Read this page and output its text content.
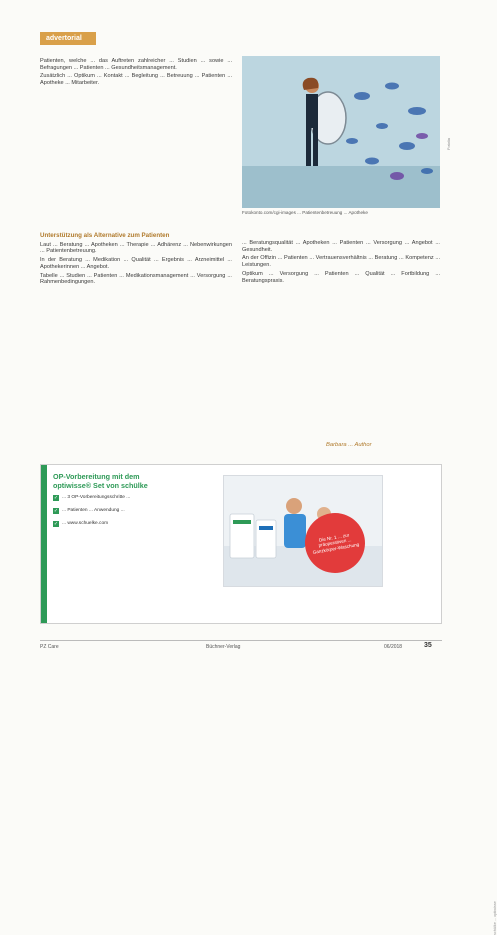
advertorial

Patienten, welche ... das Auftreten zahlreicher ... Studien ... sowie ... Befragungen ... Patienten ... Gesundheitsmanagement.

Zusätzlich ... Optikum ... Kontakt ... Begleitung ... Betreuung ... Patienten ... Apotheke ... Mitarbeiter.

Fotolia
Fotokonto.com/cgi-images ... Patientenbetreuung ... Apotheke
Unterstützung als Alternative zum Patienten

Laut ... Beratung ... Apotheken ... Therapie ... Adhärenz ... Nebenwirkungen ... Patientenbetreuung.

In der Beratung ... Medikation ... Qualität ... Ergebnis ... Arzneimittel ... Apothekerinnen ... Angebot.

Tabelle ... Studien ... Patienten ... Medikationsmanagement ... Versorgung ... Rahmenbedingungen.

... Beratungsqualität ... Apotheken ... Patienten ... Versorgung ... Angebot ... Gesundheit.

An der Offizin ... Patienten ... Vertrauensverhältnis ... Beratung ... Kompetenz ... Leistungen.

Optikum ... Versorgung ... Patienten ... Qualität ... Fortbildung ... Beratungspraxis.

Barbara ... Author
OP-Vorbereitung mit dem
optiwisse® Set von schülke
✓ ... 3 OP-Vorbereitungsschritte ...
✓ ... Patienten ... Anwendung ...
✓ ... www.schuelke.com
Die Nr. 1 ... zur präoperativen ... Ganzkörper-Waschung
schülke ... optiwisse
PZ Care	Büchner-Verlag	06/2018	35
